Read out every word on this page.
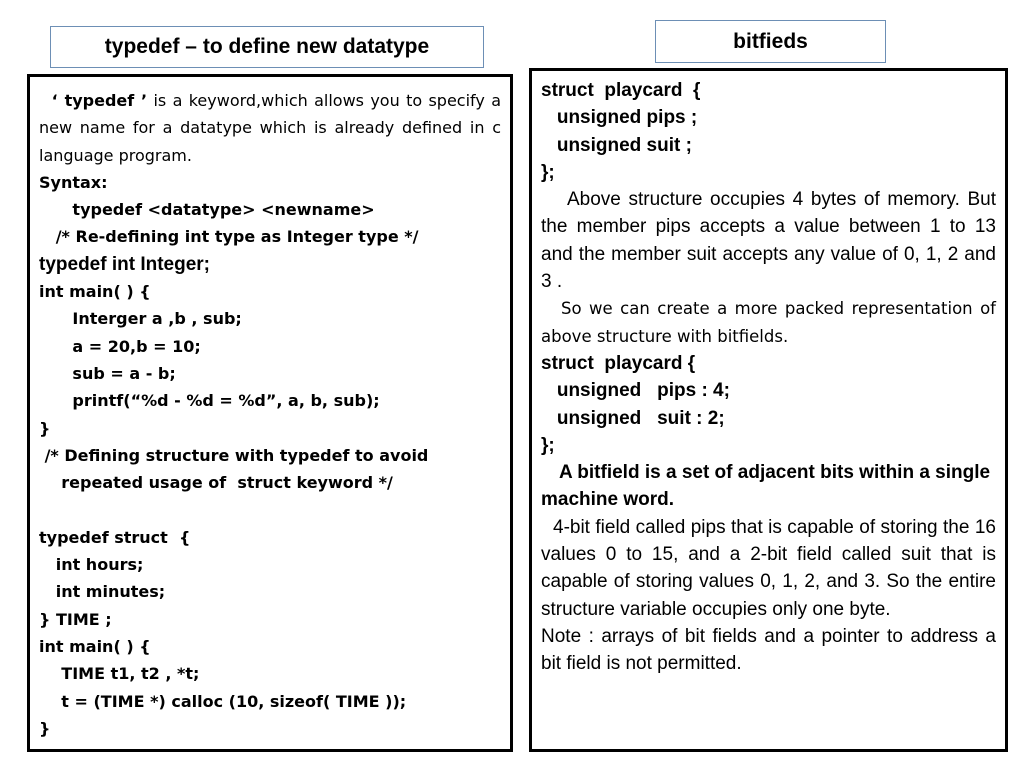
typedef – to define new datatype	bitfieds
‘ typedef ’ is a keyword,which allows you to specify a new name for a datatype which is already defined in c language program.
Syntax:
typedef <datatype> <newname>
/* Re-defining int type as Integer type */
typedef int Integer;
int main( ) {
Interger a ,b , sub;
a = 20,b = 10;
sub = a - b;
printf(“%d - %d = %d”, a, b, sub);
}
/* Defining structure with typedef to avoid
repeated usage of  struct keyword */

typedef struct  {
int hours;
int minutes;
} TIME ;
int main( ) {
TIME t1, t2 , *t;
t = (TIME *) calloc (10, sizeof( TIME ));
}
struct  playcard  {
unsigned pips ;
unsigned suit ;
};
Above structure occupies 4 bytes of memory. But the member pips accepts a value between 1 to 13 and the member suit accepts any value of 0, 1, 2 and 3 .
So we can create a more packed representation of above structure with bitfields.
struct  playcard {
unsigned   pips : 4;
unsigned   suit : 2;
};
A bitfield is a set of adjacent bits within a single machine word.
4-bit field called pips that is capable of storing the 16 values 0 to 15, and a 2-bit field called suit that is capable of storing values 0, 1, 2, and 3. So the entire structure variable occupies only one byte.
Note : arrays of bit fields and a pointer to address a bit field is not permitted.
